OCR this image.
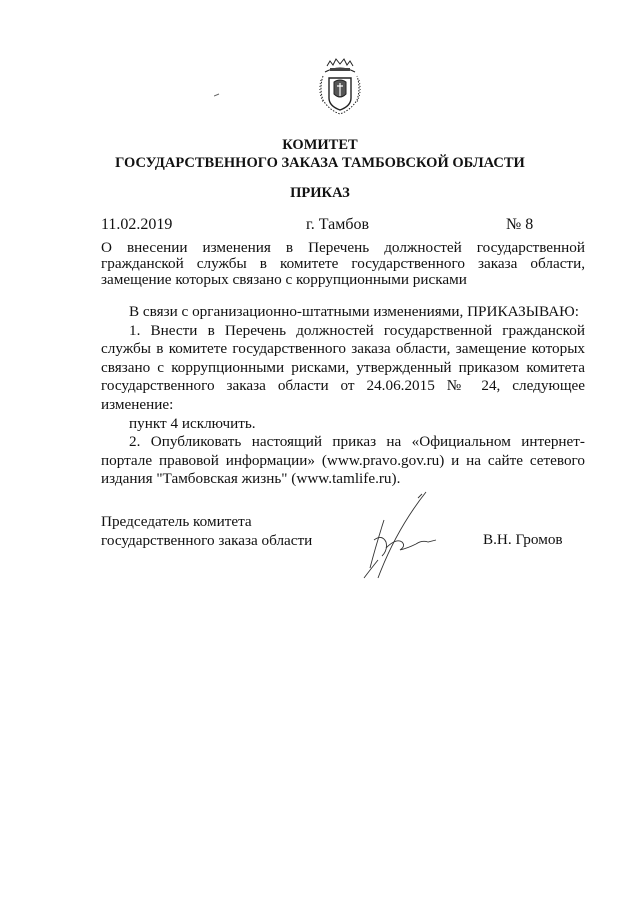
КОМИТЕТ
ГОСУДАРСТВЕННОГО ЗАКАЗА ТАМБОВСКОЙ ОБЛАСТИ
ПРИКАЗ
11.02.2019	г. Тамбов	№ 8
О внесении изменения в Перечень должностей государственной
гражданской службы в комитете государственного заказа области,
замещение которых связано с коррупционными рисками
В связи с организационно-штатными изменениями, ПРИКАЗЫВАЮ:
1. Внести в Перечень должностей государственной гражданской
службы в комитете государственного заказа области, замещение которых
связано с коррупционными рисками, утвержденный приказом комитета
государственного заказа области от 24.06.2015 № 24, следующее
изменение:
пункт 4 исключить.
2. Опубликовать настоящий приказ на «Официальном интернет-
портале правовой информации» (www.pravo.gov.ru) и на сайте сетевого
издания "Тамбовская жизнь" (www.tamlife.ru).
Председатель комитета
государственного заказа области	В.Н. Громов
